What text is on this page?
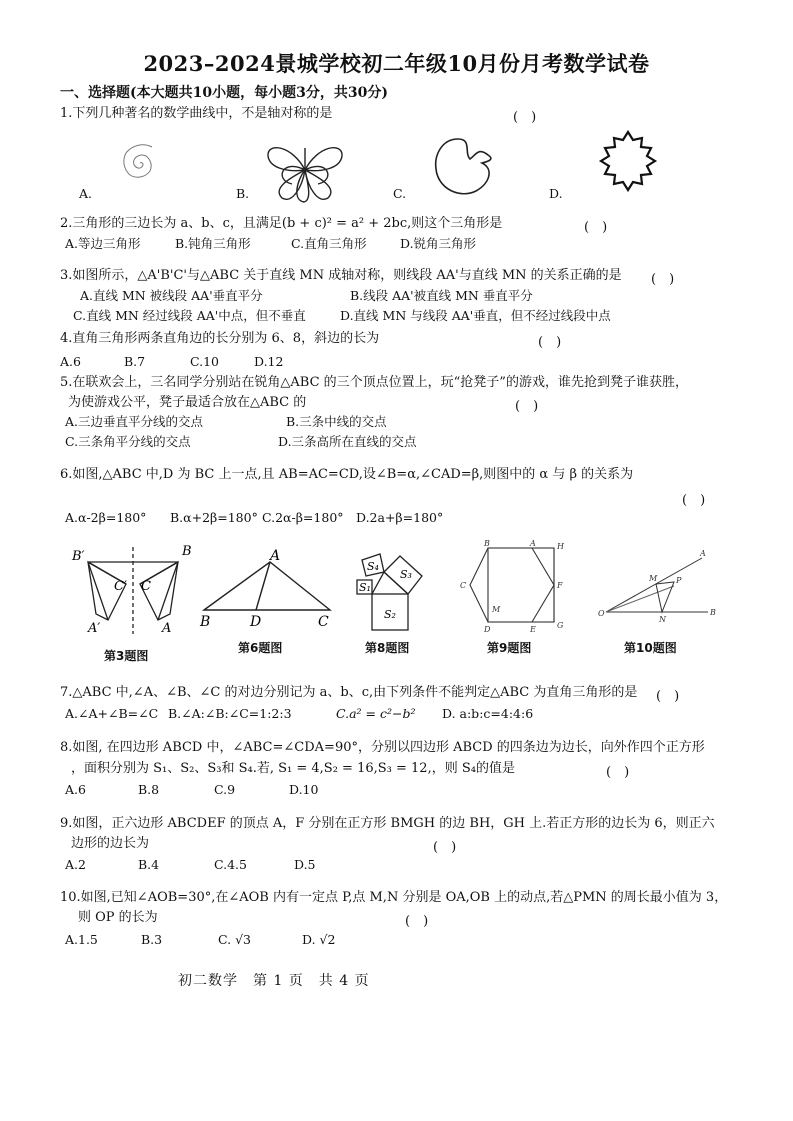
2023–2024景城学校初二年级10月份月考数学试卷
一、选择题(本大题共10小题，每小题3分，共30分)
1.下列几种著名的数学曲线中，不是轴对称的是	(　)
A.	B.	C.	D.
2.三角形的三边长为 a、b、c，且满足(b + c)² = a² + 2bc,则这个三角形是	(　)
A.等边三角形	B.钝角三角形	C.直角三角形	D.锐角三角形
3.如图所示，△A'B'C'与△ABC 关于直线 MN 成轴对称，则线段 AA'与直线 MN 的关系正确的是 (　)
A.直线 MN 被线段 AA'垂直平分	B.线段 AA'被直线 MN 垂直平分
C.直线 MN 经过线段 AA'中点，但不垂直	D.直线 MN 与线段 AA'垂直，但不经过线段中点
4.直角三角形两条直角边的长分别为 6、8，斜边的长为	(　)
A.6	B.7	C.10	D.12
5.在联欢会上，三名同学分别站在锐角△ABC 的三个顶点位置上，玩“抢凳子”的游戏，谁先抢到凳子谁获胜，
为使游戏公平，凳子最适合放在△ABC 的	(　)
A.三边垂直平分线的交点	B.三条中线的交点
C.三条角平分线的交点	D.三条高所在直线的交点
6.如图,△ABC 中,D 为 BC 上一点,且 AB=AC=CD,设∠B=α,∠CAD=β,则图中的 α 与 β 的关系为
(　)
A.α-2β=180° B.α+2β=180° C.2α-β=180° D.2a+β=180°
B′	B
C′ C
A′	A
第3题图
A
B	D	C
第6题图
S₄
S₃
S₁
S₂
第8题图
B	A	H
C	F
M
D	G
E
第9题图
A
M P
O
N
B
第10题图
7.△ABC 中,∠A、∠B、∠C 的对边分别记为 a、b、c,由下列条件不能判定△ABC 为直角三角形的是 (　)
A.∠A+∠B=∠C B.∠A:∠B:∠C=1:2:3	C.a² = c²−b² D. a:b:c=4:4:6
8.如图, 在四边形 ABCD 中，∠ABC=∠CDA=90°，分别以四边形 ABCD 的四条边为边长，向外作四个正方形
，面积分别为 S₁、S₂、S₃和 S₄.若, S₁ = 4,S₂ = 16,S₃ = 12,，则 S₄的值是	(　)
A.6	B.8	C.9	D.10
9.如图，正六边形 ABCDEF 的顶点 A，F 分别在正方形 BMGH 的边 BH，GH 上.若正方形的边长为 6，则正六
边形的边长为	(　)
A.2	B.4	C.4.5	D.5
10.如图,已知∠AOB=30°,在∠AOB 内有一定点 P,点 M,N 分别是 OA,OB 上的动点,若△PMN 的周长最小值为 3，
则 OP 的长为	(　)
A.1.5	B.3	C. √3	D. √2
初二数学　第 1 页　共 4 页
